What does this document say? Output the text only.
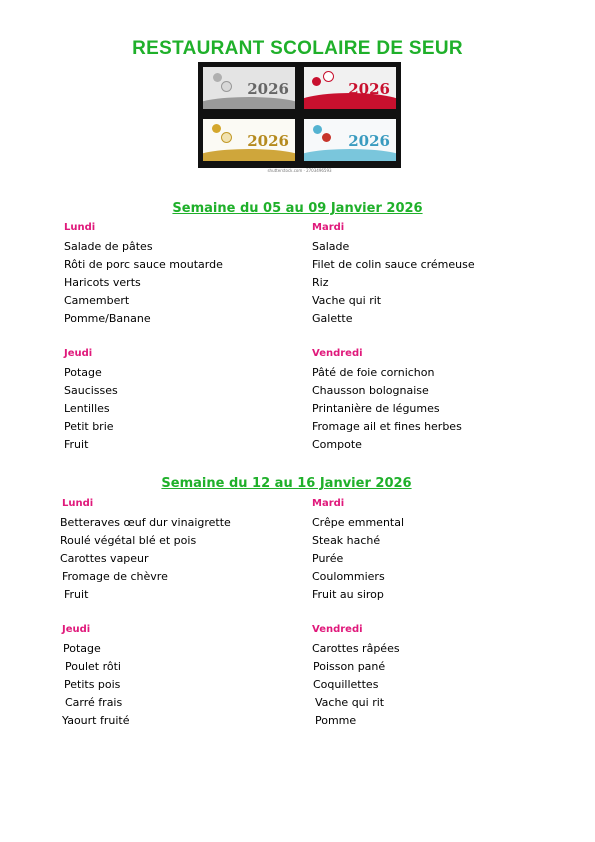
RESTAURANT SCOLAIRE DE SEUR
2026	2026
2026	2026
shutterstock.com · 2703496593
Semaine du 05 au 09 Janvier 2026
Lundi
Salade de pâtes
Rôti de porc sauce moutarde
Haricots verts
Camembert
Pomme/Banane
Mardi
Salade
Filet de colin sauce crémeuse
Riz
Vache qui rit
Galette
Jeudi
Potage
Saucisses
Lentilles
Petit brie
Fruit
Vendredi
Pâté de foie cornichon
Chausson bolognaise
Printanière de légumes
Fromage ail et fines herbes
Compote
Semaine du 12 au 16 Janvier 2026
Lundi
Betteraves œuf dur vinaigrette
Roulé végétal blé et pois
Carottes vapeur
Fromage de chèvre
Fruit
Mardi
Crêpe emmental
Steak haché
Purée
Coulommiers
Fruit au sirop
Jeudi
Potage
Poulet rôti
Petits pois
Carré frais
Yaourt fruité
Vendredi
Carottes râpées
Poisson pané
Coquillettes
Vache qui rit
Pomme
